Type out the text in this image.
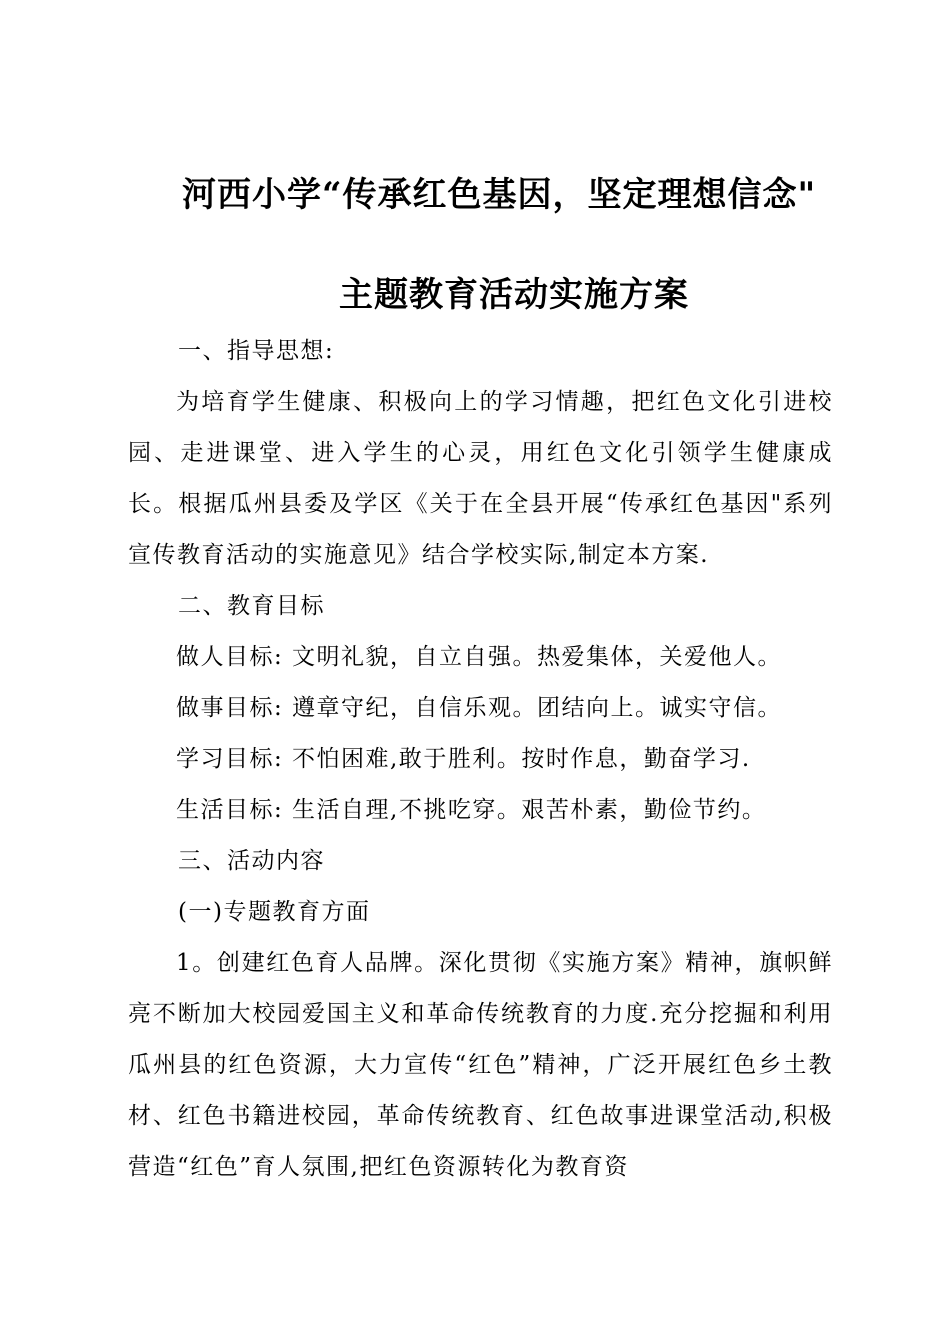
河西小学“传承红色基因，坚定理想信念"
主题教育活动实施方案

一、指导思想:

为培育学生健康、积极向上的学习情趣，把红色文化引进校园、走进课堂、进入学生的心灵，用红色文化引领学生健康成长。根据瓜州县委及学区《关于在全县开展“传承红色基因"系列宣传教育活动的实施意见》结合学校实际,制定本方案.

二、教育目标

做人目标: 文明礼貌，自立自强。热爱集体，关爱他人。

做事目标: 遵章守纪，自信乐观。团结向上。诚实守信。

学习目标: 不怕困难,敢于胜利。按时作息，勤奋学习.

生活目标: 生活自理,不挑吃穿。艰苦朴素，勤俭节约。

三、活动内容

(一)专题教育方面

1。创建红色育人品牌。深化贯彻《实施方案》精神，旗帜鲜亮不断加大校园爱国主义和革命传统教育的力度.充分挖掘和利用瓜州县的红色资源，大力宣传“红色”精神，广泛开展红色乡土教材、红色书籍进校园，革命传统教育、红色故事进课堂活动,积极营造“红色”育人氛围,把红色资源转化为教育资
